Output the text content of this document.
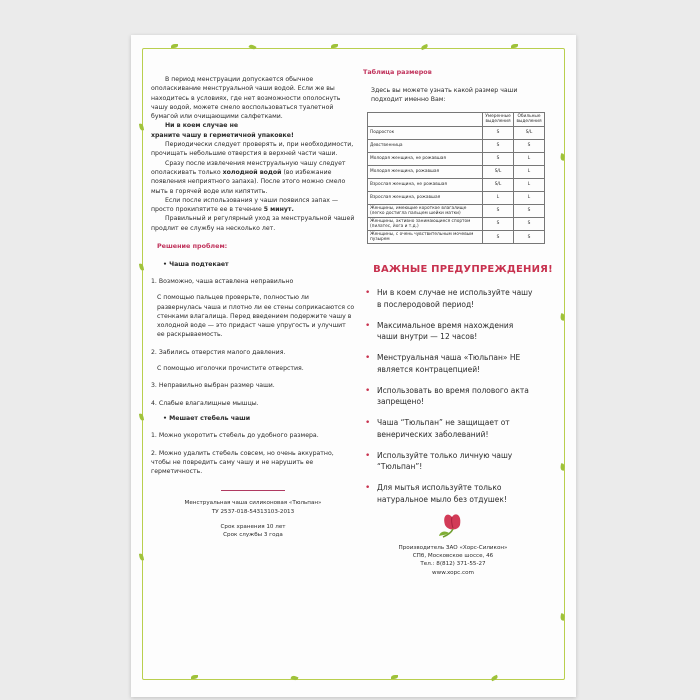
В период менструации допускается обычное ополаскивание менструальной чаши водой. Если же вы находитесь в условиях, где нет возможности ополоснуть чашу водой, можете смело воспользоваться туалетной бумагой или очищающими салфетками.

Ни в коем случае не

храните чашу в герметичной упаковке!

Периодически следует проверять и, при необходимости, прочищать небольшие отверстия в верхней части чаши.

Сразу после извлечения менструальную чашу следует ополаскивать только холодной водой (во избежание появления неприятного запаха). После этого можно смело мыть в горячей воде или кипятить.

Если после использования у чаши появился запах — просто прокипятите ее в течение 5 минут.

Правильный и регулярный уход за менструальной чашей продлит ее службу на несколько лет.

Решение проблем:

• Чаша подтекает

1. Возможно, чаша вставлена неправильно

С помощью пальцев проверьте, полностью ли развернулась чаша и плотно ли ее стены соприкасаются со стенками влагалища. Перед введением подержите чашу в холодной воде — это придаст чаше упругость и улучшит ее раскрываемость.

2. Забились отверстия малого давления.

С помощью иголочки прочистите отверстия.

3. Неправильно выбран размер чаши.

4. Слабые влагалищные мышцы.

• Мешает стебель чаши

1. Можно укоротить стебель до удобного размера.

2. Можно удалить стебель совсем, но очень аккуратно, чтобы не повредить саму чашу и не нарушить ее герметичность.

Менструальная чаша силиконовая «Тюльпан»

ТУ 2537-018-54313103-2013

Срок хранения 10 лет

Срок службы 3 года

Таблица размеров

Здесь вы можете узнать какой размер чаши подходит именно Вам:

	Умеренные выделения	Обильные выделения
Подросток	S	S/L
Девственница	S	S
Молодая женщина, не рожавшая	S	L
Молодая женщина, рожавшая	S/L	L
Взрослая женщина, не рожавшая	S/L	L
Взрослая женщина, рожавшая	L	L
Женщины, имеющие короткое влагалище (легко достигла пальцем шейки матки)	S	S
Женщины, активно занимающиеся спортом (пилатес, йога и т.д.)	S	S
Женщины, с очень чувствительным мочевым пузырем	S	S

ВАЖНЫЕ ПРЕДУПРЕЖДЕНИЯ!

• Ни в коем случае не используйте чашу в послеродовой период!

• Максимальное время нахождения чаши внутри — 12 часов!

• Менструальная чаша «Тюльпан» НЕ является контрацепцией!

• Использовать во время полового акта запрещено!

• Чаша “Тюльпан” не защищает от венерических заболеваний!

• Используйте только личную чашу “Тюльпан”!

• Для мытья используйте только натуральное мыло без отдушек!

Производитель ЗАО «Хорс-Силикон»

СПб, Московское шоссе, 46

Тел.: 8(812) 371-55-27

www.xopc.com
